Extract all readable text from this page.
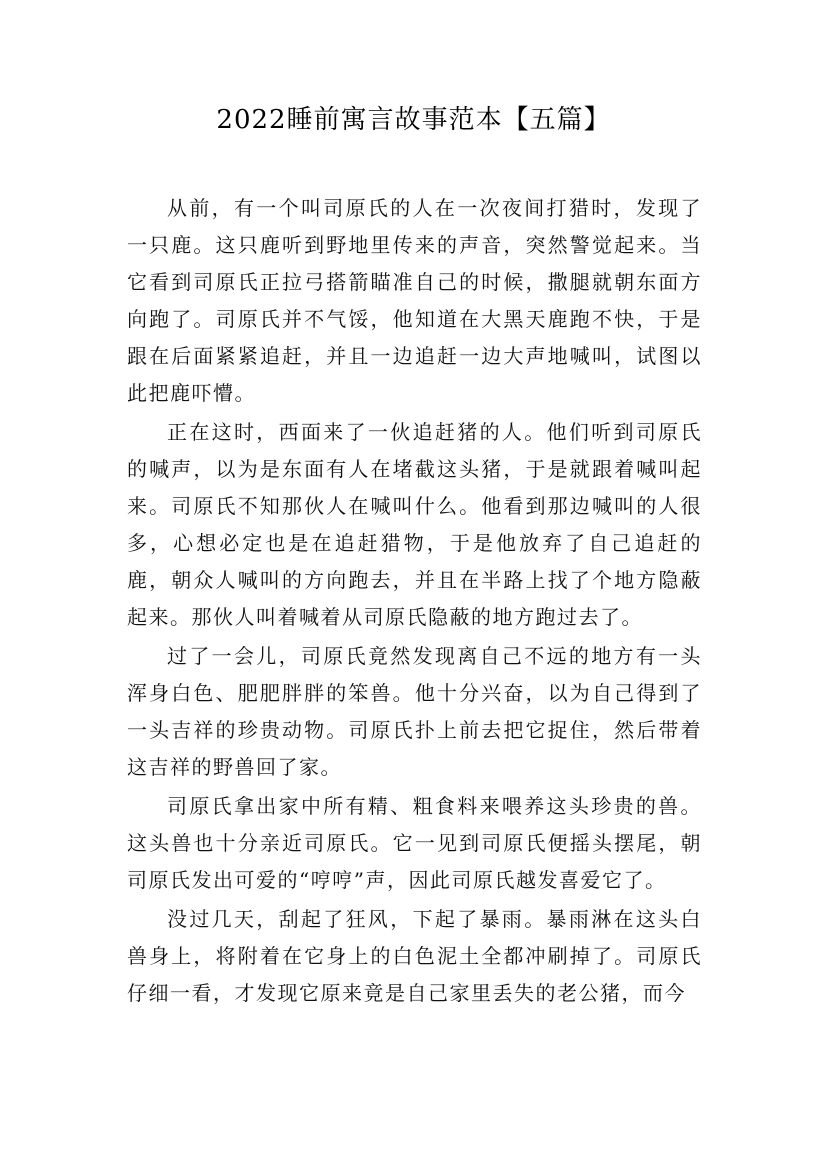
2022睡前寓言故事范本【五篇】

从前，有一个叫司原氏的人在一次夜间打猎时，发现了一只鹿。这只鹿听到野地里传来的声音，突然警觉起来。当它看到司原氏正拉弓搭箭瞄准自己的时候，撒腿就朝东面方向跑了。司原氏并不气馁，他知道在大黑天鹿跑不快，于是跟在后面紧紧追赶，并且一边追赶一边大声地喊叫，试图以此把鹿吓懵。

正在这时，西面来了一伙追赶猪的人。他们听到司原氏的喊声，以为是东面有人在堵截这头猪，于是就跟着喊叫起来。司原氏不知那伙人在喊叫什么。他看到那边喊叫的人很多，心想必定也是在追赶猎物，于是他放弃了自己追赶的鹿，朝众人喊叫的方向跑去，并且在半路上找了个地方隐蔽起来。那伙人叫着喊着从司原氏隐蔽的地方跑过去了。

过了一会儿，司原氏竟然发现离自己不远的地方有一头浑身白色、肥肥胖胖的笨兽。他十分兴奋，以为自己得到了一头吉祥的珍贵动物。司原氏扑上前去把它捉住，然后带着这吉祥的野兽回了家。

司原氏拿出家中所有精、粗食料来喂养这头珍贵的兽。这头兽也十分亲近司原氏。它一见到司原氏便摇头摆尾，朝司原氏发出可爱的“哼哼”声，因此司原氏越发喜爱它了。

没过几天，刮起了狂风，下起了暴雨。暴雨淋在这头白兽身上，将附着在它身上的白色泥土全都冲刷掉了。司原氏仔细一看，才发现它原来竟是自己家里丢失的老公猪，而今
